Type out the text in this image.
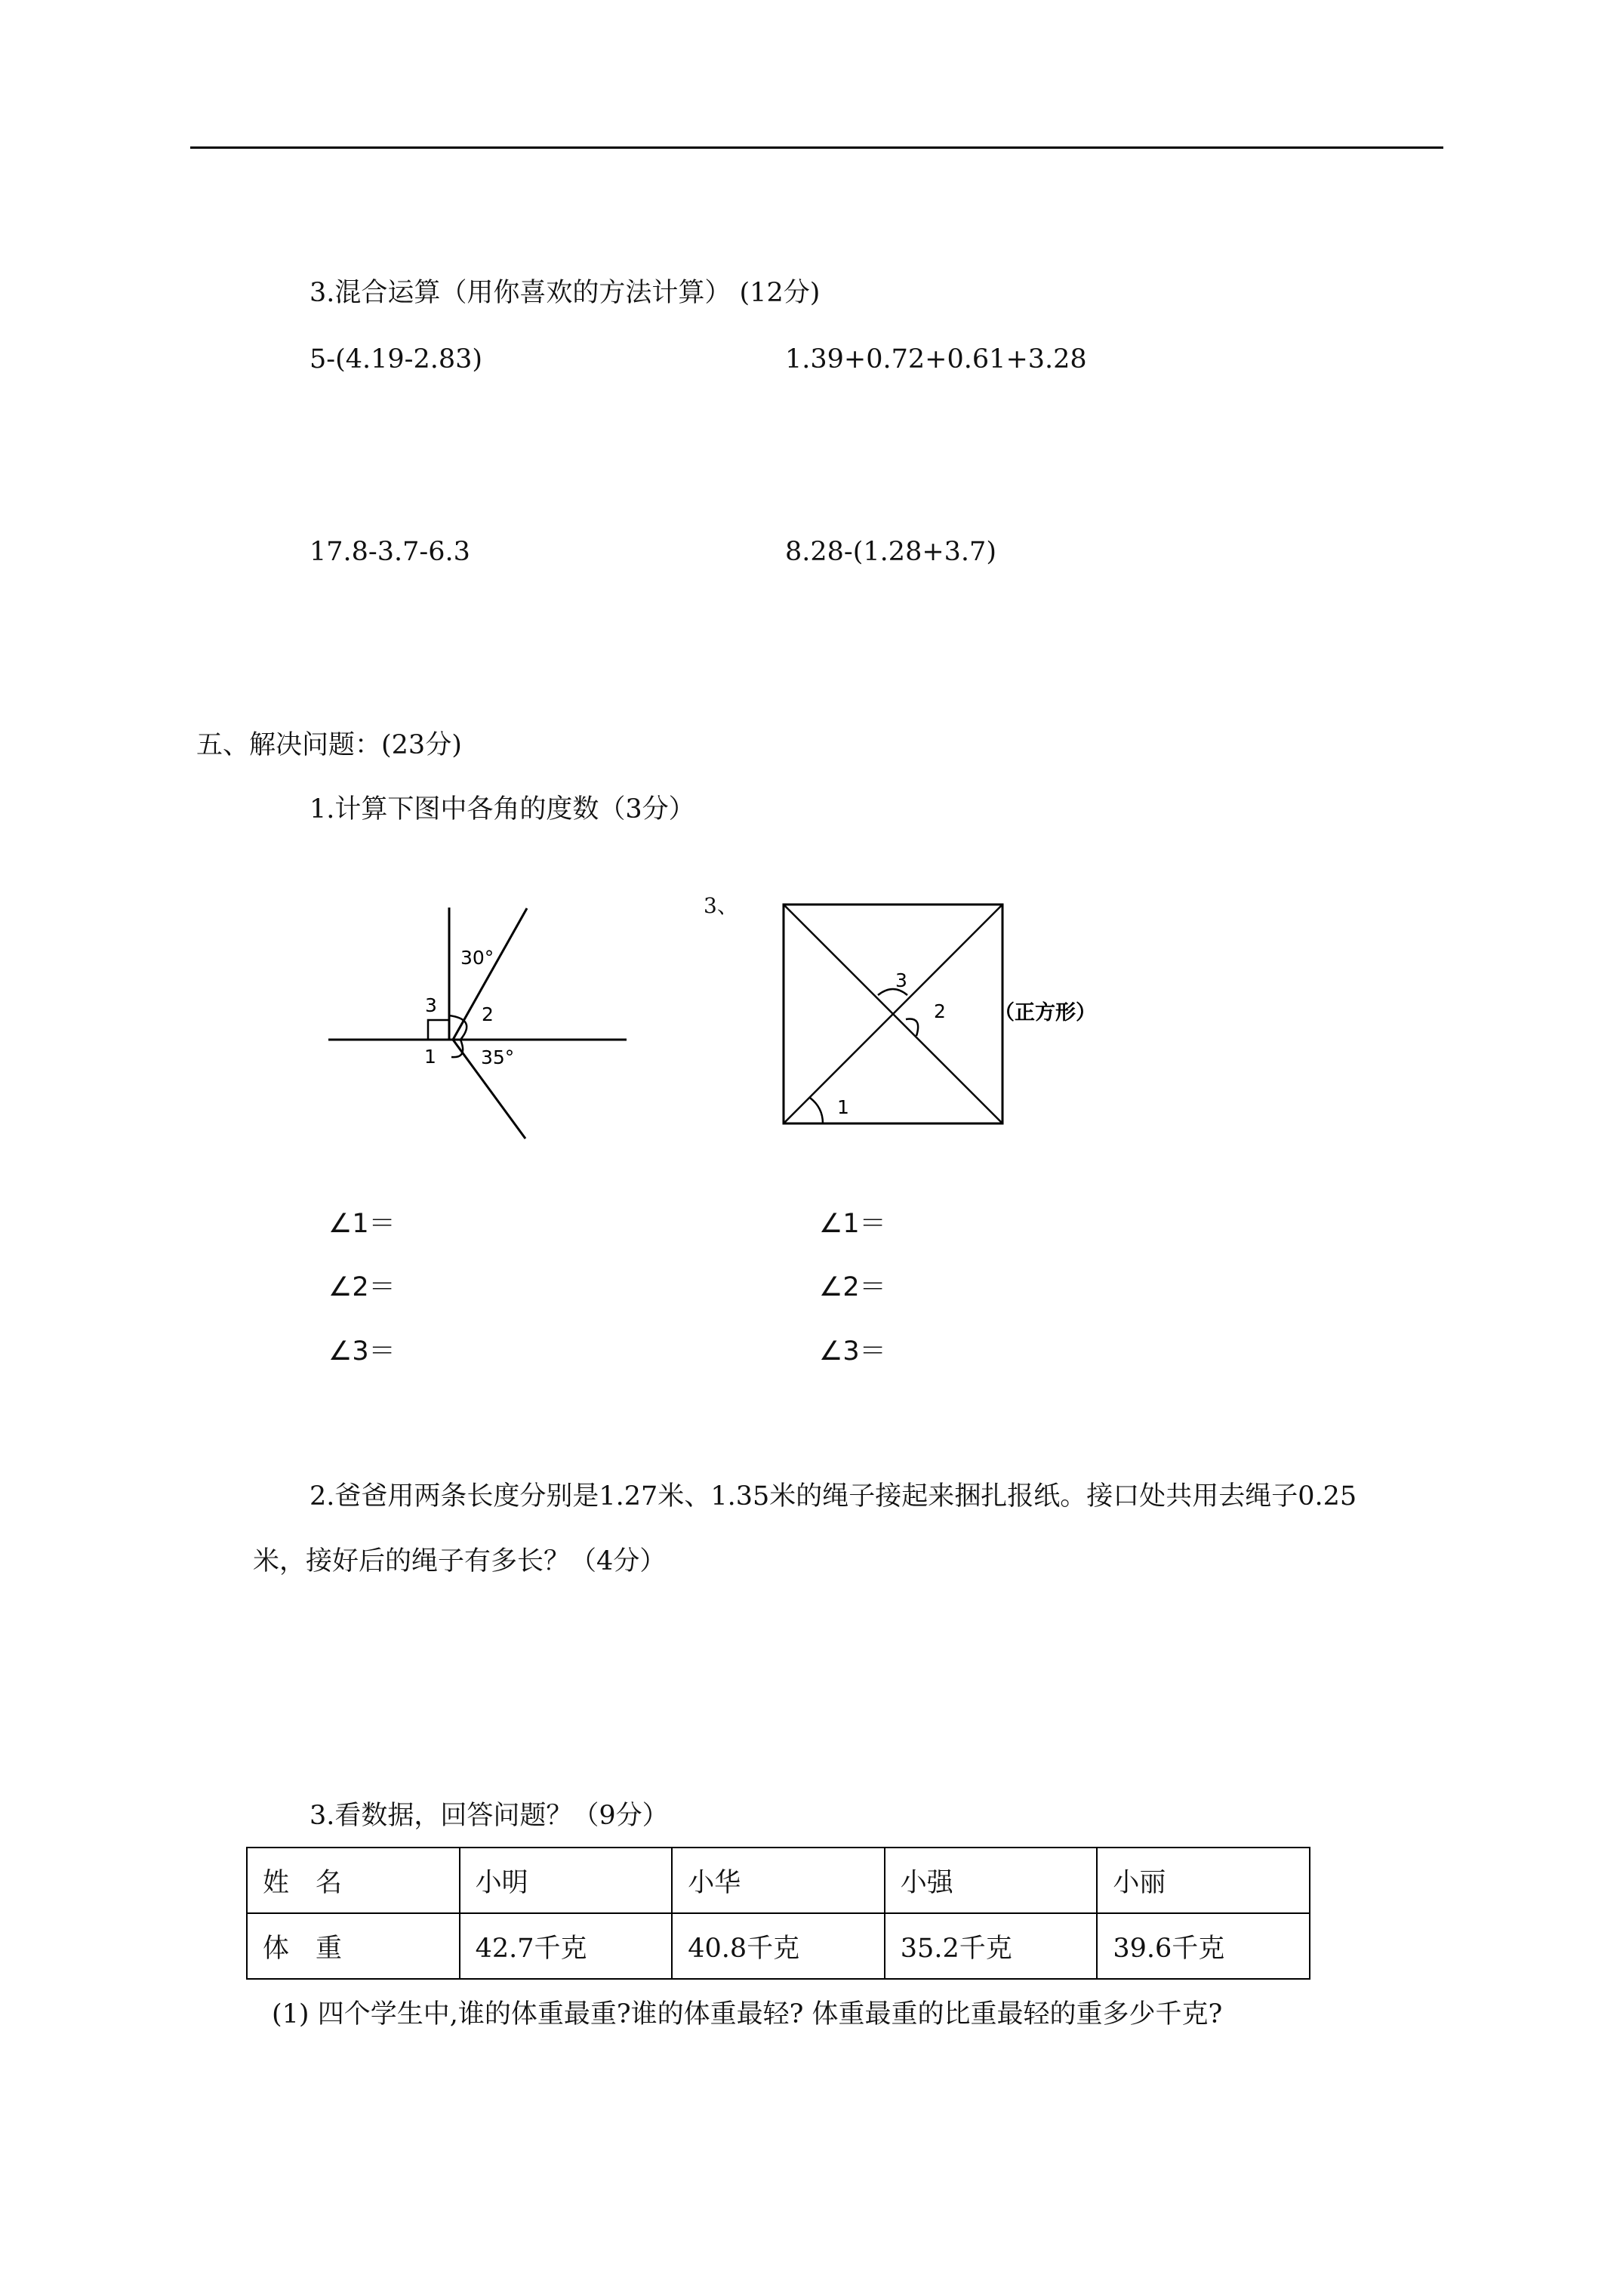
3.混合运算（用你喜欢的方法计算） (12分)
5-(4.19-2.83)	1.39+0.72+0.61+3.28
17.8-3.7-6.3	8.28-(1.28+3.7)
五、解决问题：(23分)
1.计算下图中各角的度数（3分）
30°
35°
3 2
1
3、
3
2
1
（正方形）
∠1＝
∠2＝
∠3＝
∠1＝
∠2＝
∠3＝
2.爸爸用两条长度分别是1.27米、1.35米的绳子接起来捆扎报纸。接口处共用去绳子0.25
米，接好后的绳子有多长？（4分）
3.看数据，回答问题？（9分）
姓　名	小明	小华	小强	小丽
体　重	42.7千克	40.8千克	35.2千克	39.6千克
(1) 四个学生中,谁的体重最重?谁的体重最轻? 体重最重的比重最轻的重多少千克?
